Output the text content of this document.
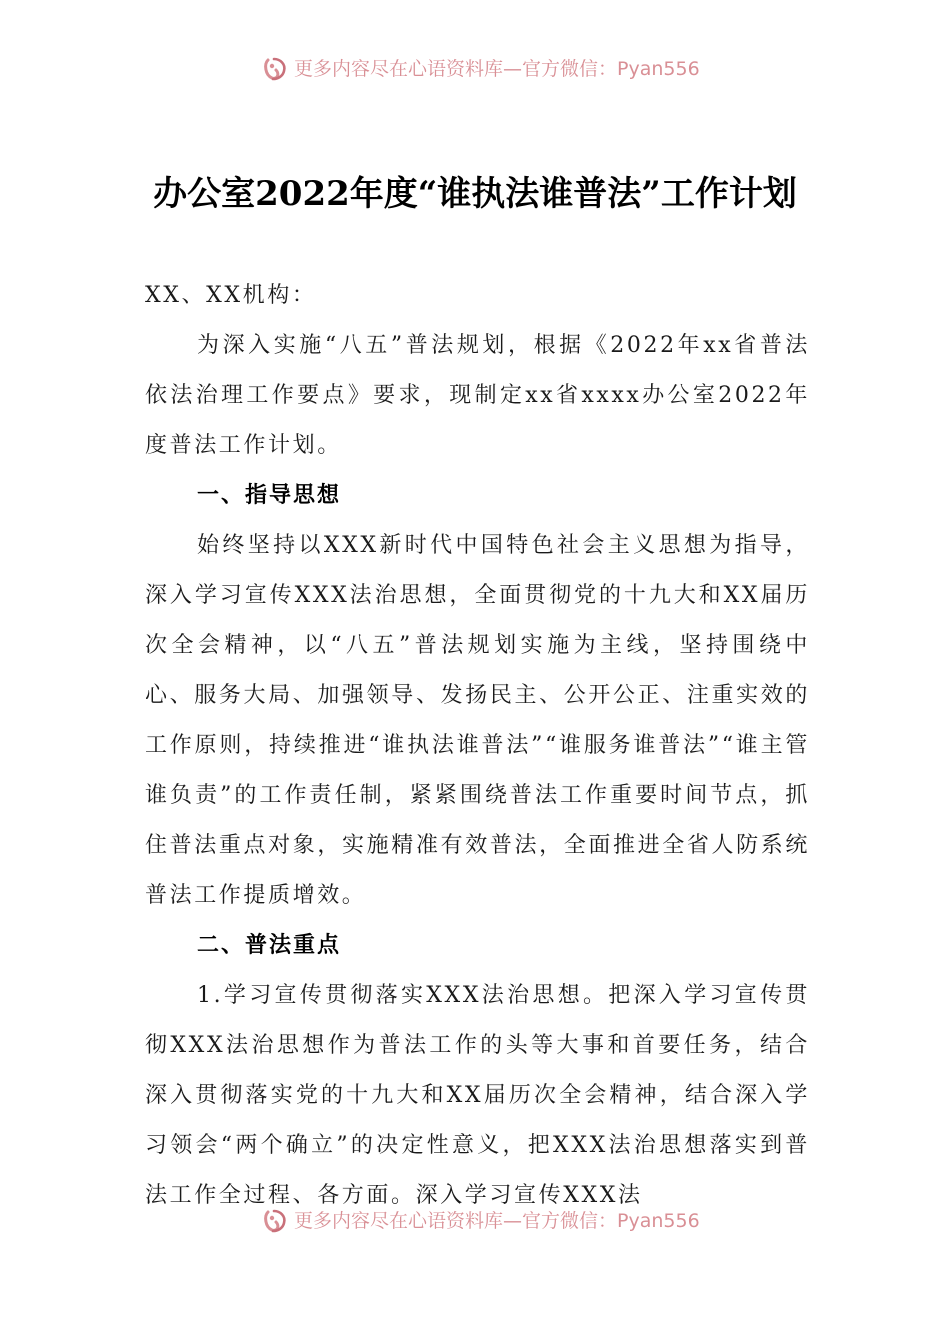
更多内容尽在心语资料库—官方微信：Pyan556
办公室2022年度“谁执法谁普法”工作计划

XX、XX机构：

为深入实施“八五”普法规划，根据《2022年xx省普法依法治理工作要点》要求，现制定xx省xxxx办公室2022年度普法工作计划。

一、指导思想

始终坚持以XXX新时代中国特色社会主义思想为指导，深入学习宣传XXX法治思想，全面贯彻党的十九大和XX届历次全会精神，以“八五”普法规划实施为主线，坚持围绕中心、服务大局、加强领导、发扬民主、公开公正、注重实效的工作原则，持续推进“谁执法谁普法”“谁服务谁普法”“谁主管谁负责”的工作责任制，紧紧围绕普法工作重要时间节点，抓住普法重点对象，实施精准有效普法，全面推进全省人防系统普法工作提质增效。

二、普法重点

1.学习宣传贯彻落实XXX法治思想。把深入学习宣传贯彻XXX法治思想作为普法工作的头等大事和首要任务，结合深入贯彻落实党的十九大和XX届历次全会精神，结合深入学习领会“两个确立”的决定性意义，把XXX法治思想落实到普法工作全过程、各方面。深入学习宣传XXX法

更多内容尽在心语资料库—官方微信：Pyan556
